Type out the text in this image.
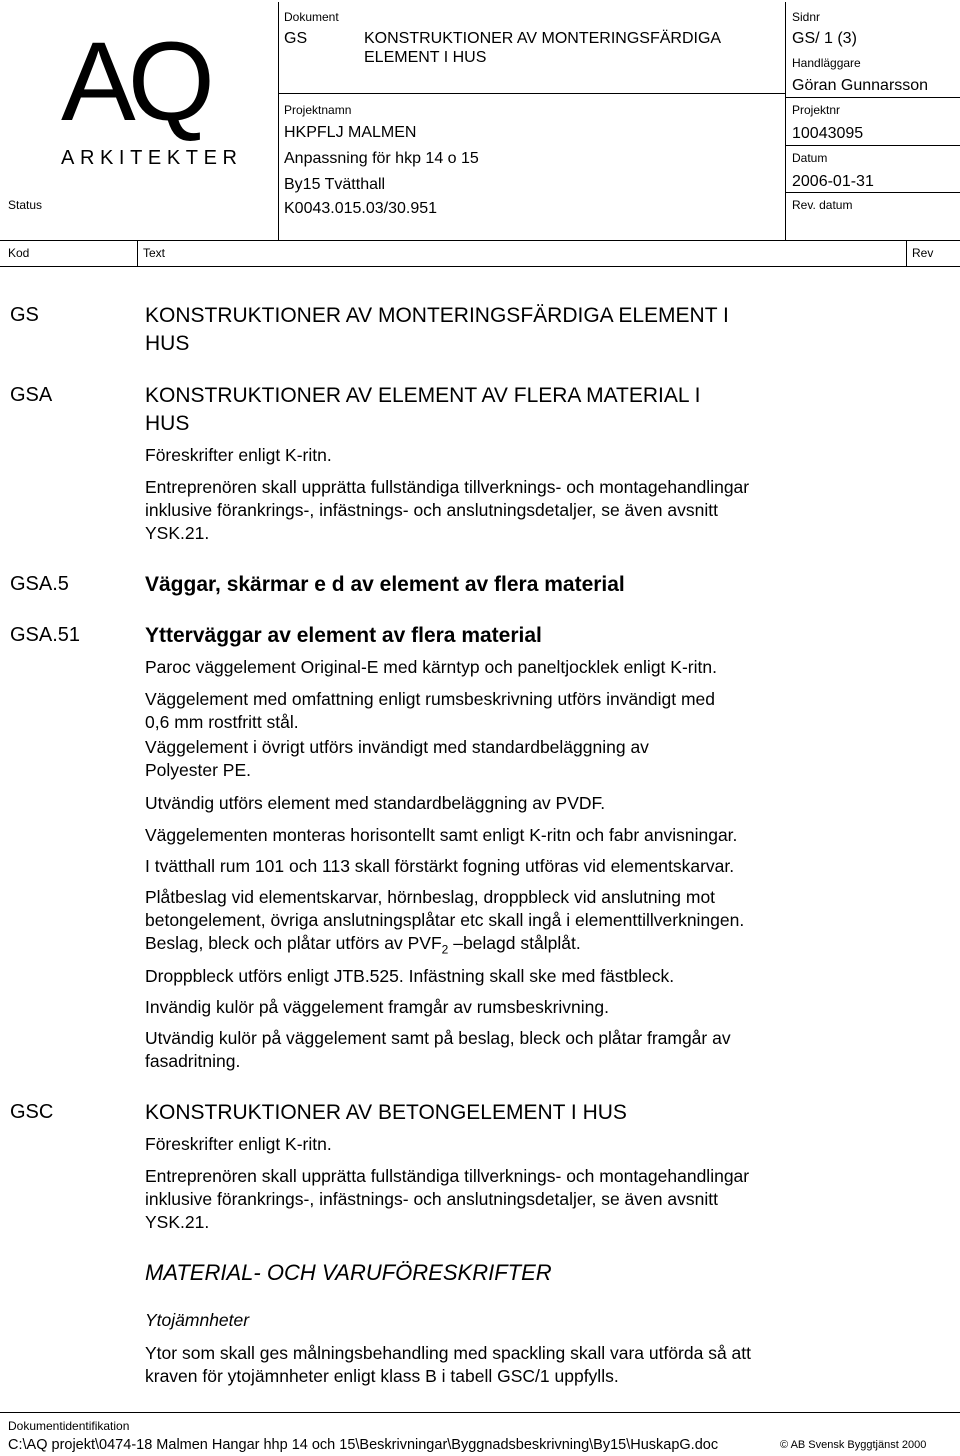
AQ
ARKITEKTER
Status
Dokument
GS	KONSTRUKTIONER AV MONTERINGSFÄRDIGA
ELEMENT I HUS
Projektnamn
HKPFLJ MALMEN
Anpassning för hkp 14 o 15
By15 Tvätthall
K0043.015.03/30.951
Sidnr
GS/ 1 (3)
Handläggare
Göran Gunnarsson
Projektnr
10043095
Datum
2006-01-31
Rev. datum
Kod	Text	Rev
GS	KONSTRUKTIONER AV MONTERINGSFÄRDIGA ELEMENT I
HUS
GSA	KONSTRUKTIONER AV ELEMENT AV FLERA MATERIAL I
HUS
Föreskrifter enligt K-ritn.
Entreprenören skall upprätta fullständiga tillverknings- och montagehandlingar
inklusive förankrings-, infästnings- och anslutningsdetaljer, se även avsnitt
YSK.21.
GSA.5	Väggar, skärmar e d av element av flera material
GSA.51	Ytterväggar av element av flera material
Paroc väggelement Original-E med kärntyp och paneltjocklek enligt K-ritn.
Väggelement med omfattning enligt rumsbeskrivning utförs invändigt med
0,6 mm rostfritt stål.
Väggelement i övrigt utförs invändigt med standardbeläggning av
Polyester PE.
Utvändig utförs element med standardbeläggning av PVDF.
Väggelementen monteras horisontellt samt enligt K-ritn och fabr anvisningar.
I tvätthall rum 101 och 113 skall förstärkt fogning utföras vid elementskarvar.
Plåtbeslag vid elementskarvar, hörnbeslag, droppbleck vid anslutning mot
betongelement, övriga anslutningsplåtar etc skall ingå i elementtillverkningen.
Beslag, bleck och plåtar utförs av $PVF_2$ –belagd stålplåt.
Droppbleck utförs enligt JTB.525. Infästning skall ske med fästbleck.
Invändig kulör på väggelement framgår av rumsbeskrivning.
Utvändig kulör på väggelement samt på beslag, bleck och plåtar framgår av
fasadritning.
GSC	KONSTRUKTIONER AV BETONGELEMENT I HUS
Föreskrifter enligt K-ritn.
Entreprenören skall upprätta fullständiga tillverknings- och montagehandlingar
inklusive förankrings-, infästnings- och anslutningsdetaljer, se även avsnitt
YSK.21.
MATERIAL- OCH VARUFÖRESKRIFTER
Ytojämnheter
Ytor som skall ges målningsbehandling med spackling skall vara utförda så att
kraven för ytojämnheter enligt klass B i tabell GSC/1 uppfylls.
Dokumentidentifikation
C:\AQ projekt\0474-18 Malmen Hangar hhp 14 och 15\Beskrivningar\Byggnadsbeskrivning\By15\HuskapG.doc	© AB Svensk Byggtjänst 2000
